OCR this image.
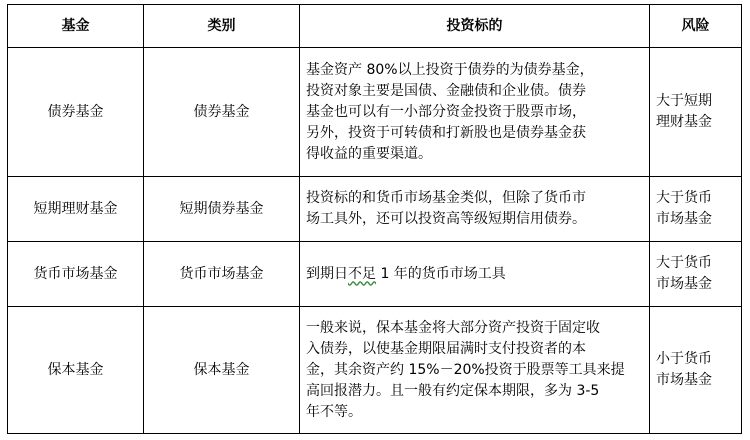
基金	类别	投资标的	风险
债券基金	债券基金	基金资产 80%以上投资于债券的为债券基金，
投资对象主要是国债、金融债和企业债。债券
基金也可以有一小部分资金投资于股票市场，
另外，投资于可转债和打新股也是债券基金获
得收益的重要渠道。	大于短期
理财基金

短期理财基金	短期债券基金	投资标的和货币市场基金类似，但除了货币市
场工具外，还可以投资高等级短期信用债券。	大于货币
市场基金

货币市场基金	货币市场基金	到期日不足 1 年的货币市场工具	大于货币
市场基金

保本基金	保本基金	一般来说，保本基金将大部分资产投资于固定收
入债券，以使基金期限届满时支付投资者的本
金，其余资产约 15%－20%投资于股票等工具来提
高回报潜力。且一般有约定保本期限，多为 3-5
年不等。	小于货币
市场基金
